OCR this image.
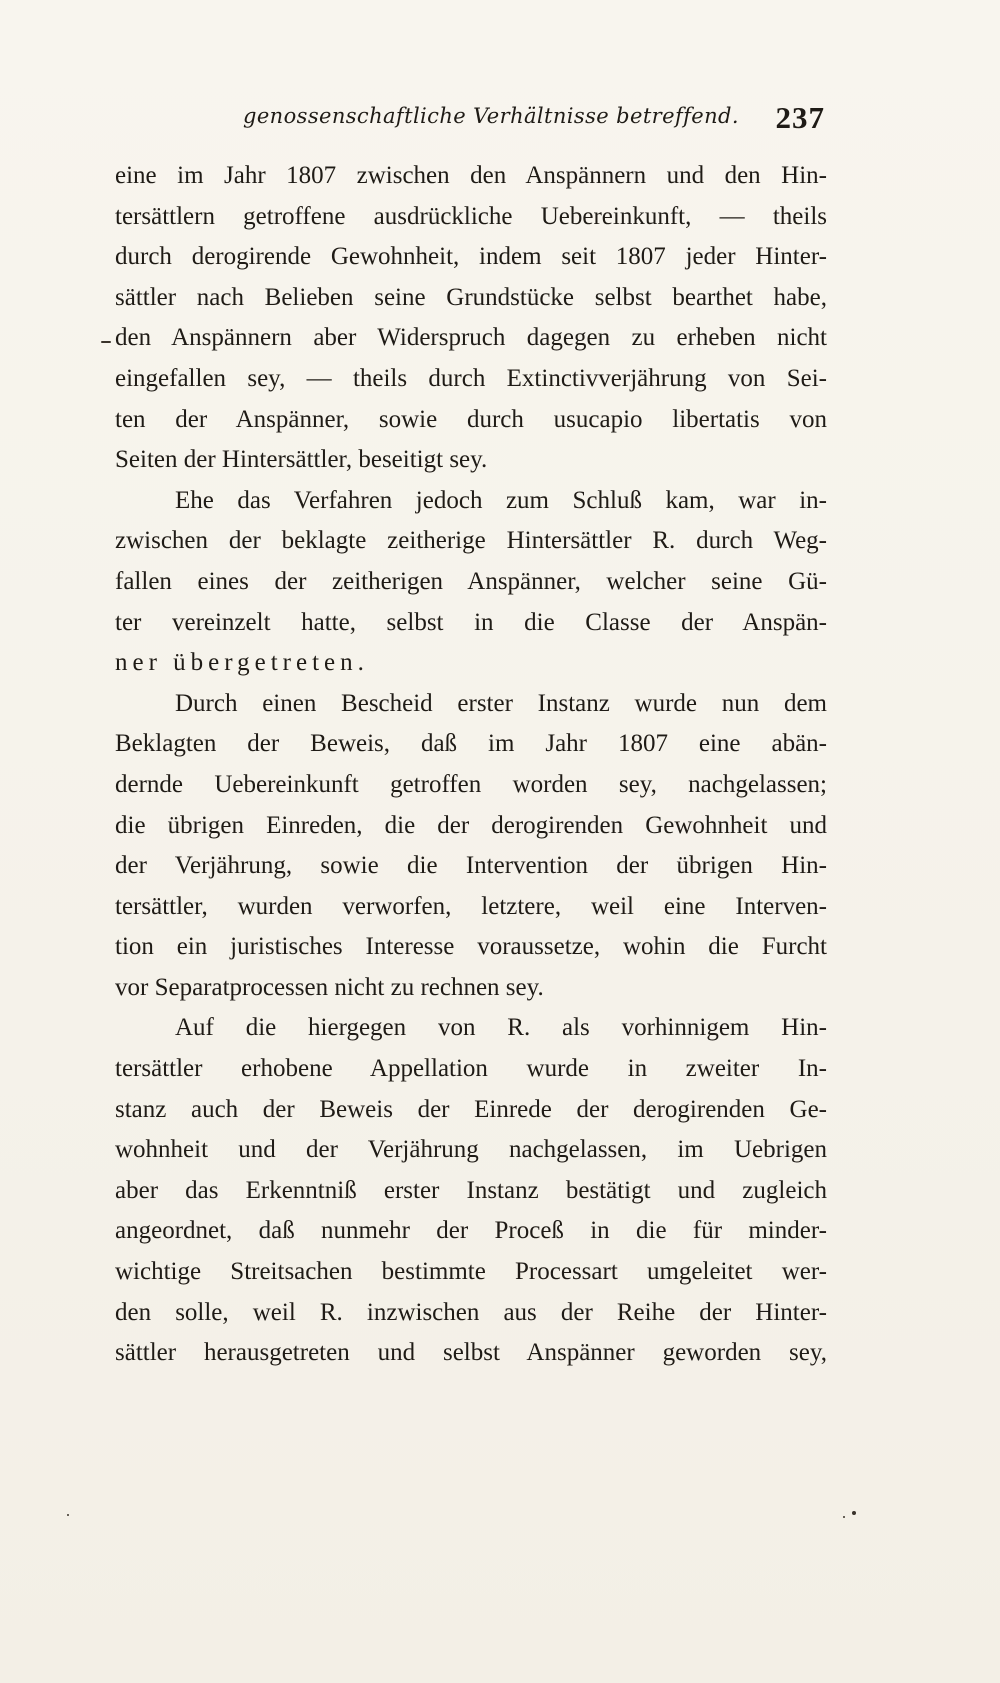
genossenschaftliche Verhältnisse betreffend. 237
eine im Jahr 1807 zwischen den Anspännern und den Hin-
tersättlern getroffene ausdrückliche Uebereinkunft, — theils
durch derogirende Gewohnheit, indem seit 1807 jeder Hinter-
sättler nach Belieben seine Grundstücke selbst bearthet habe,
den Anspännern aber Widerspruch dagegen zu erheben nicht
eingefallen sey, — theils durch Extinctivverjährung von Sei-
ten der Anspänner, sowie durch usucapio libertatis von
Seiten der Hintersättler, beseitigt sey.
Ehe das Verfahren jedoch zum Schluß kam, war in-
zwischen der beklagte zeitherige Hintersättler R. durch Weg-
fallen eines der zeitherigen Anspänner, welcher seine Gü-
ter vereinzelt hatte, selbst in die Classe der Anspän-
ner übergetreten.
Durch einen Bescheid erster Instanz wurde nun dem
Beklagten der Beweis, daß im Jahr 1807 eine abän-
dernde Uebereinkunft getroffen worden sey, nachgelassen;
die übrigen Einreden, die der derogirenden Gewohnheit und
der Verjährung, sowie die Intervention der übrigen Hin-
tersättler, wurden verworfen, letztere, weil eine Interven-
tion ein juristisches Interesse voraussetze, wohin die Furcht
vor Separatprocessen nicht zu rechnen sey.
Auf die hiergegen von R. als vorhinnigem Hin-
tersättler erhobene Appellation wurde in zweiter In-
stanz auch der Beweis der Einrede der derogirenden Ge-
wohnheit und der Verjährung nachgelassen, im Uebrigen
aber das Erkenntniß erster Instanz bestätigt und zugleich
angeordnet, daß nunmehr der Proceß in die für minder-
wichtige Streitsachen bestimmte Processart umgeleitet wer-
den solle, weil R. inzwischen aus der Reihe der Hinter-
sättler herausgetreten und selbst Anspänner geworden sey,
